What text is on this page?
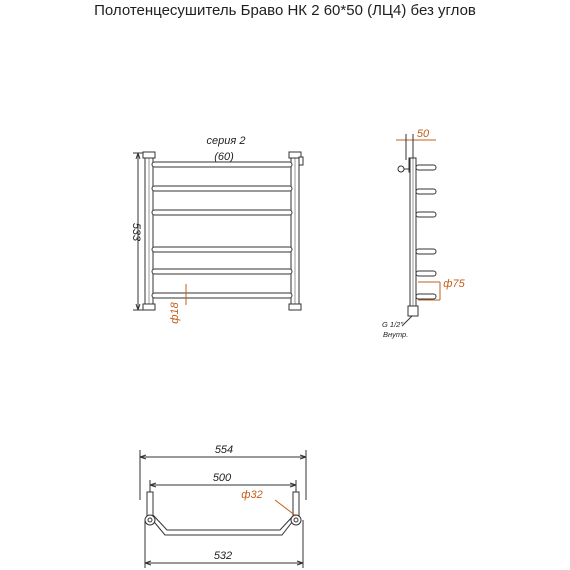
Полотенцесушитель Браво НК 2 60*50 (ЛЦ4) без углов
серия 2
(60)
533
ф18
50
ф75
G 1/2"
Внутр.
554
500
ф32
532
